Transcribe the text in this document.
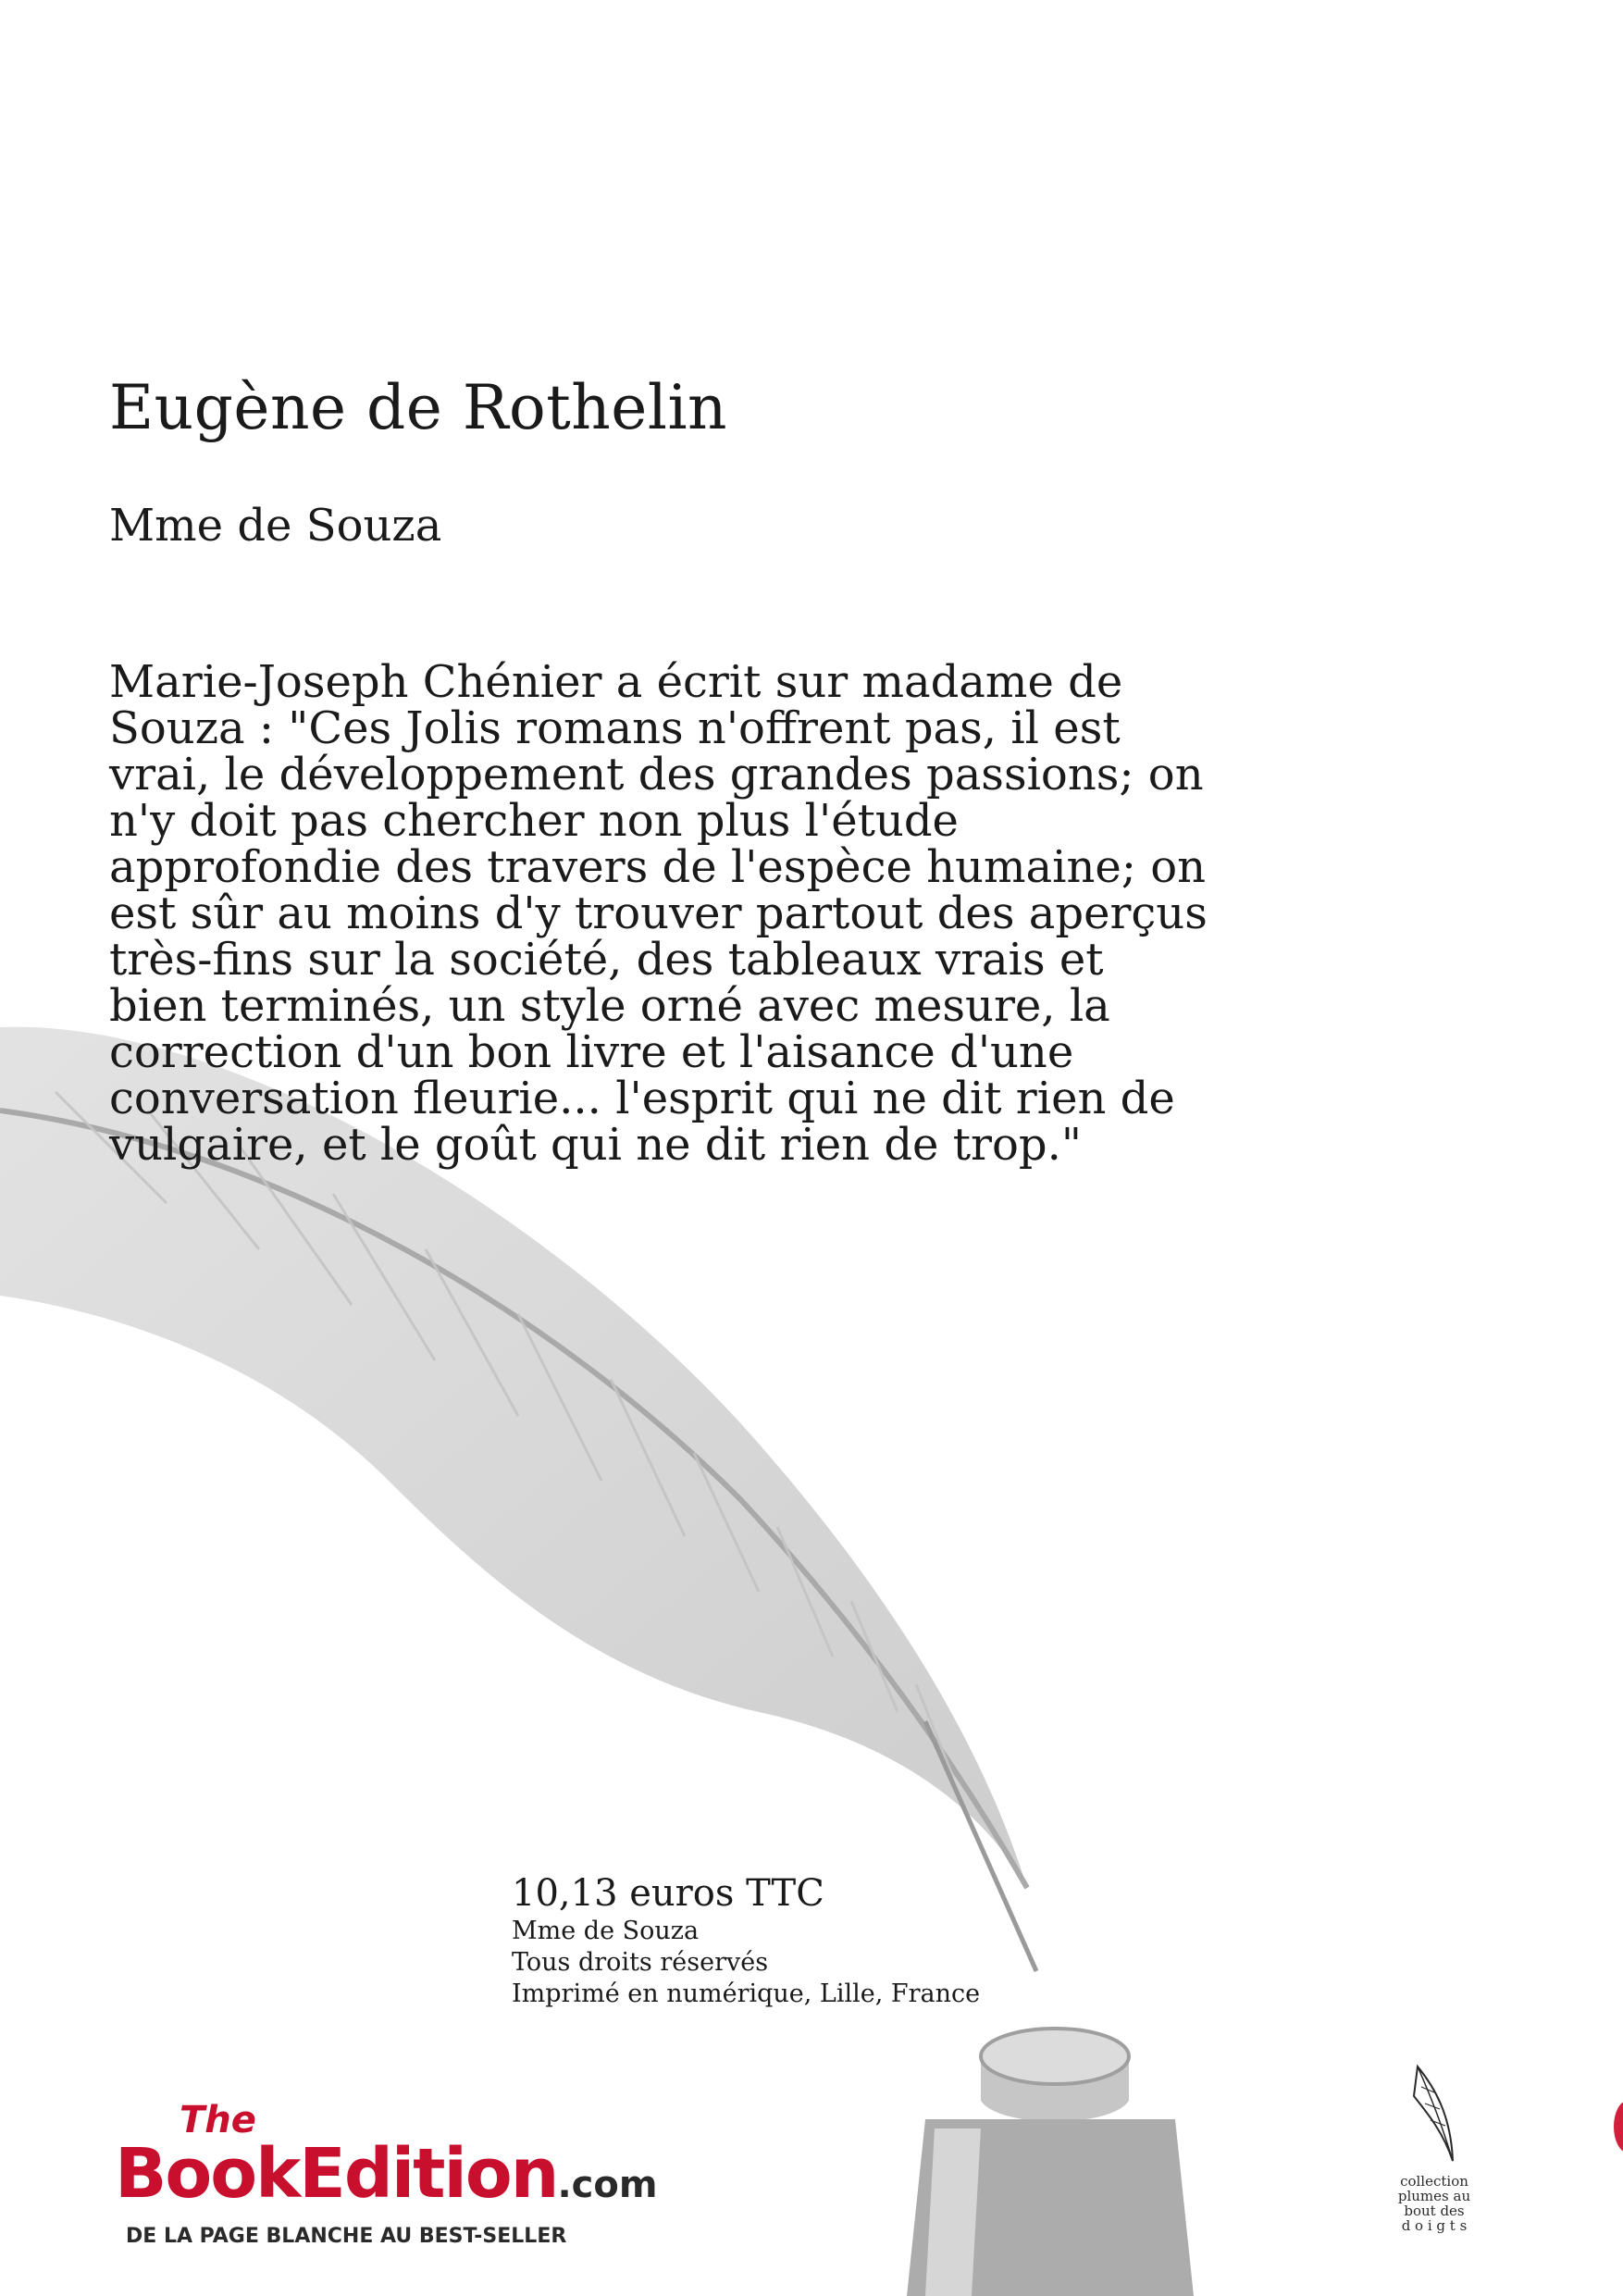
Eugène de Rothelin

Mme de Souza

Marie-Joseph Chénier a écrit sur madame de Souza : "Ces Jolis romans n'offrent pas, il est vrai, le développement des grandes passions; on n'y doit pas chercher non plus l'étude approfondie des travers de l'espèce humaine; on est sûr au moins d'y trouver partout des aperçus très-fins sur la société, des tableaux vrais et bien terminés, un style orné avec mesure, la correction d'un bon livre et l'aisance d'une conversation fleurie... l'esprit qui ne dit rien de vulgaire, et le goût qui ne dit rien de trop."

10,13 euros TTC
Mme de Souza
Tous droits réservés
Imprimé en numérique, Lille, France
The
BookEdition.com
DE LA PAGE BLANCHE AU BEST-SELLER
collection
plumes au
bout des
d o i g t s
